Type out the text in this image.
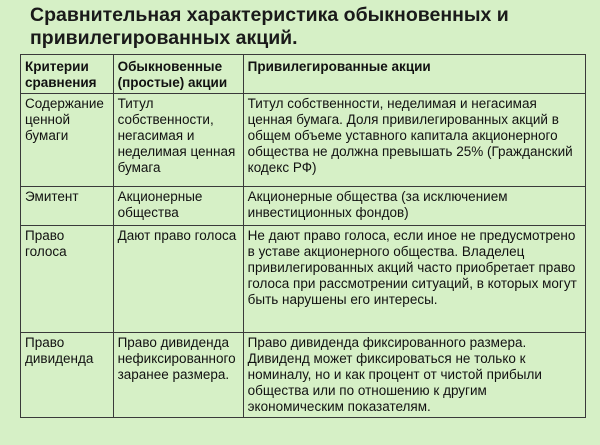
Сравнительная характеристика обыкновенных и привилегированных акций.
Критерии сравнения	Обыкновенные (простые) акции	Привилегированные акции
Содержание ценной бумаги	Титул собственности, негасимая и неделимая ценная бумага	Титул собственности, неделимая и негасимая ценная бумага. Доля привилегированных акций в общем объеме уставного капитала акционерного общества не должна превышать 25% (Гражданский кодекс РФ)
Эмитент	Акционерные общества	Акционерные общества (за исключением инвестиционных фондов)
Право голоса	Дают право голоса	Не дают право голоса, если иное не предусмотрено в уставе акционерного общества. Владелец привилегированных акций часто приобретает право голоса при рассмотрении ситуаций, в которых могут быть нарушены его интересы.
Право дивиденда	Право дивиденда нефиксированного заранее размера.	Право дивиденда фиксированного размера. Дивиденд может фиксироваться не только к номиналу, но и как процент от чистой прибыли общества или по отношению к другим экономическим показателям.
